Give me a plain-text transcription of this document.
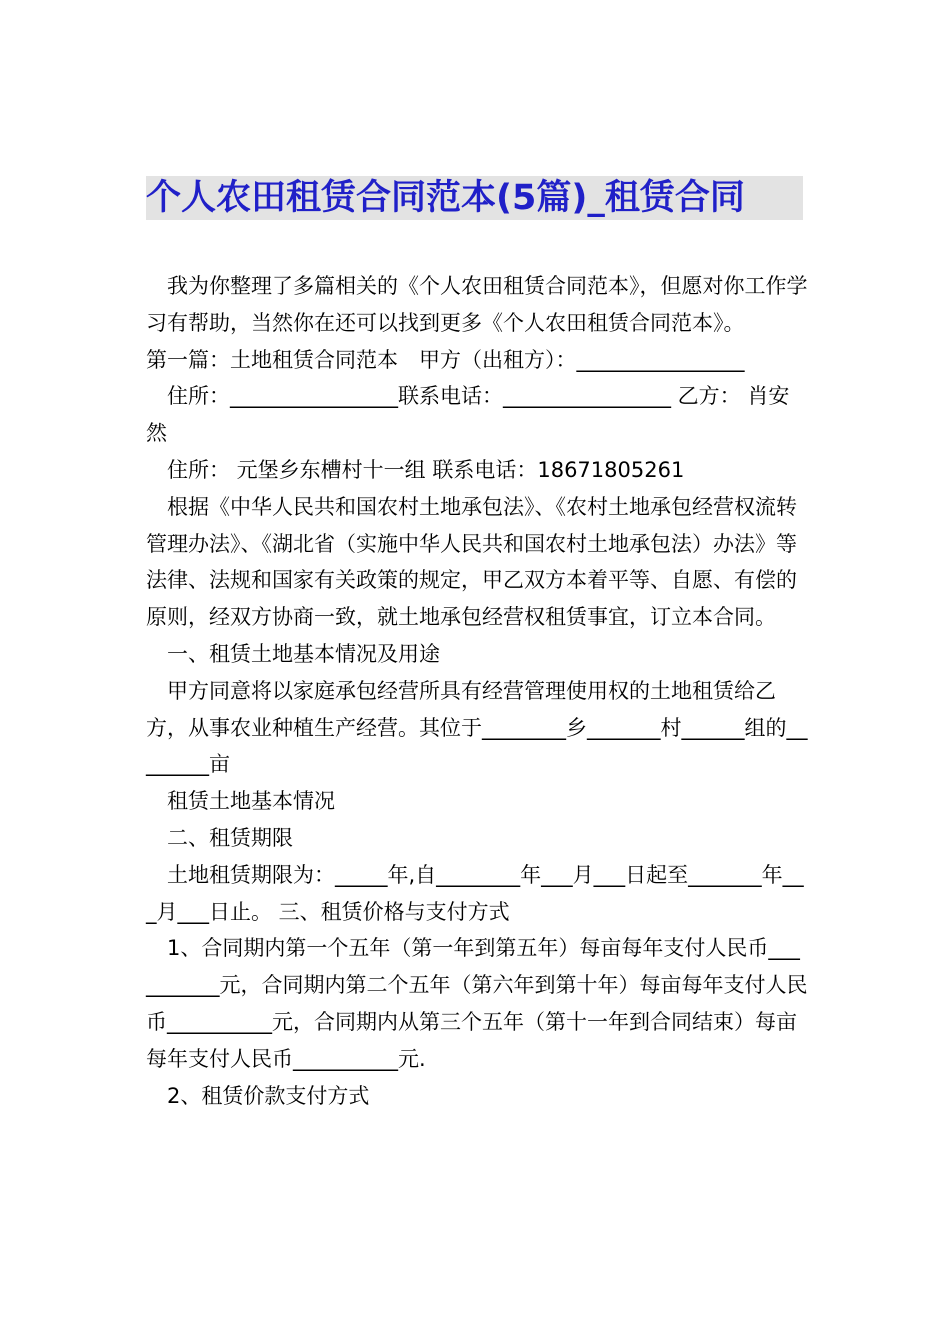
个人农田租赁合同范本(5篇)_租赁合同

我为你整理了多篇相关的《个人农田租赁合同范本》，但愿对你工作学习有帮助，当然你在还可以找到更多《个人农田租赁合同范本》。

第一篇：土地租赁合同范本　甲方（出租方）：________________

住所：________________联系电话：________________ 乙方： 肖安然

住所： 元堡乡东槽村十一组 联系电话：18671805261

根据《中华人民共和国农村土地承包法》、《农村土地承包经营权流转管理办法》、《湖北省（实施中华人民共和国农村土地承包法）办法》等法律、法规和国家有关政策的规定，甲乙双方本着平等、自愿、有偿的原则，经双方协商一致，就土地承包经营权租赁事宜，订立本合同。

一、租赁土地基本情况及用途

甲方同意将以家庭承包经营所具有经营管理使用权的土地租赁给乙方，从事农业种植生产经营。其位于________乡_______村______组的________亩

租赁土地基本情况

二、租赁期限

土地租赁期限为：_____年,自________年___月___日起至_______年___月___日止。 三、租赁价格与支付方式

1、合同期内第一个五年（第一年到第五年）每亩每年支付人民币__________元，合同期内第二个五年（第六年到第十年）每亩每年支付人民币__________元，合同期内从第三个五年（第十一年到合同结束）每亩每年支付人民币__________元.

2、租赁价款支付方式
